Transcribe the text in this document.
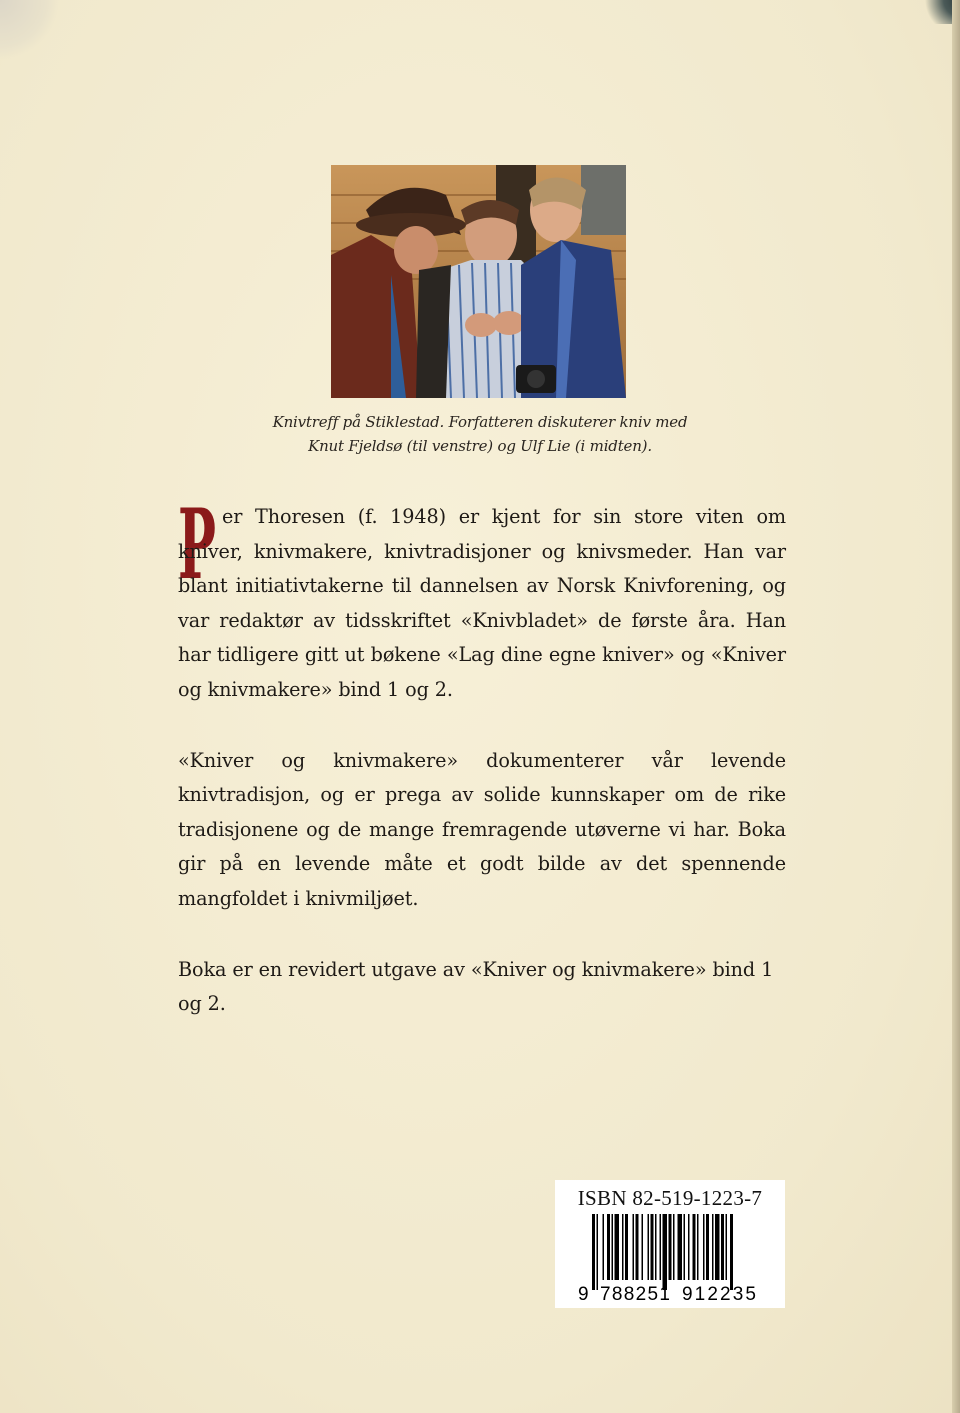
Knivtreff på Stiklestad. Forfatteren diskuterer kniv med

Knut Fjeldsø (til venstre) og Ulf Lie (i midten).

P er Thoresen (f. 1948) er kjent for sin store viten om kniver, knivmakere, knivtradisjoner og knivsmeder. Han var blant initiativtakerne til dannelsen av Norsk Knivforening, og var redaktør av tidsskriftet «Knivbladet» de første åra. Han har tidligere gitt ut bøkene «Lag dine egne kniver» og «Kniver og knivmakere» bind 1 og 2.

«Kniver og knivmakere» dokumenterer vår levende knivtradisjon, og er prega av solide kunnskaper om de rike tradisjonene og de mange fremragende utøverne vi har. Boka gir på en levende måte et godt bilde av det spennende mangfoldet i knivmiljøet.

Boka er en revidert utgave av «Kniver og knivmakere» bind 1 og 2.

ISBN 82-519-1223-7
9 788251 912235
